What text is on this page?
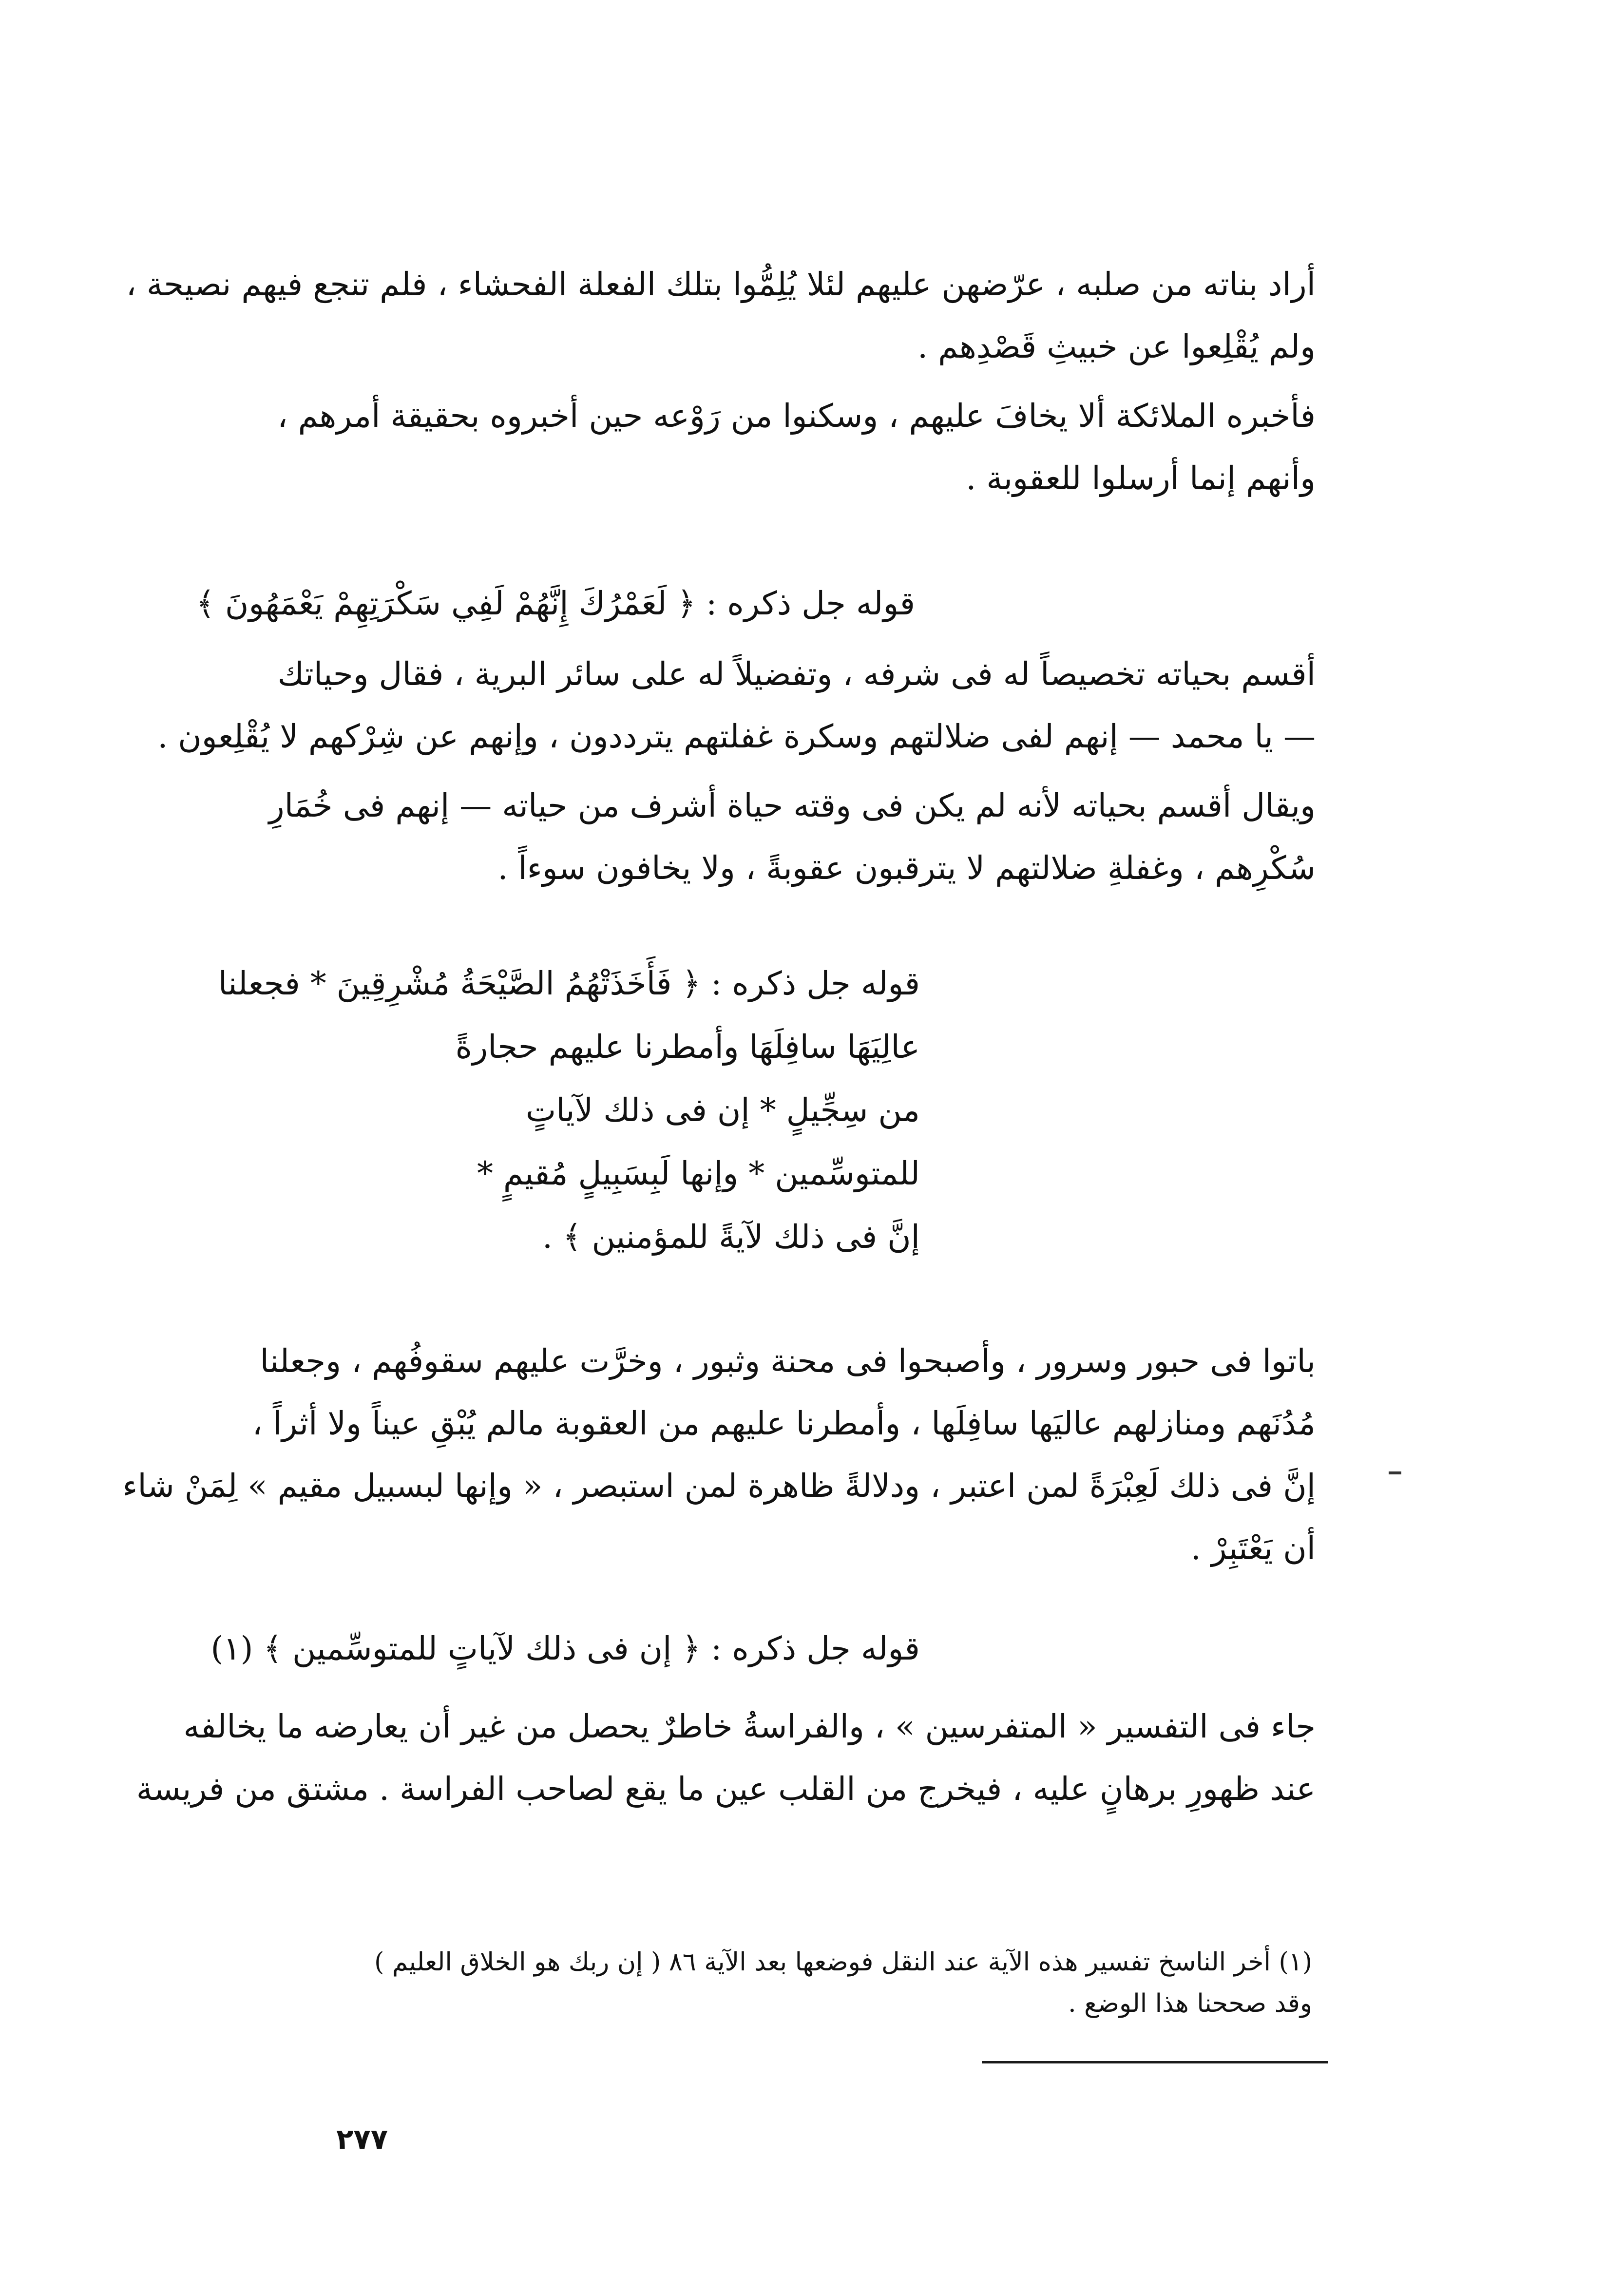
أراد بناته من صلبه ، عرّضهن عليهم لئلا يُلِمُّوا بتلك الفعلة الفحشاء ، فلم تنجع فيهم نصيحة ،
ولم يُقْلِعوا عن خبيثِ قَصْدِهم .
فأخبره الملائكة ألا يخافَ عليهم ، وسكنوا من رَوْعه حين أخبروه بحقيقة أمرهم ،
وأنهم إنما أرسلوا للعقوبة .
قوله جل ذكره : ﴿ لَعَمْرُكَ إِنَّهُمْ لَفِي سَكْرَتِهِمْ يَعْمَهُونَ ﴾
أقسم بحياته تخصيصاً له فى شرفه ، وتفضيلاً له على سائر البرية ، فقال وحياتك
— يا محمد — إنهم لفى ضلالتهم وسكرة غفلتهم يترددون ، وإنهم عن شِرْكهم لا يُقْلِعون .
ويقال أقسم بحياته لأنه لم يكن فى وقته حياة أشرف من حياته — إنهم فى خُمَارِ
سُكْرِهم ، وغفلةِ ضلالتهم لا يترقبون عقوبةً ، ولا يخافون سوءاً .
قوله جل ذكره : ﴿ فَأَخَذَتْهُمُ الصَّيْحَةُ مُشْرِقِينَ * فجعلنا
عالِيَهَا سافِلَهَا وأمطرنا عليهم حجارةً
من سِجِّيلٍ * إن فى ذلك لآياتٍ
للمتوسِّمين * وإنها لَبِسَبِيلٍ مُقيمٍ *
إنَّ فى ذلك لآيةً للمؤمنين ﴾ .
باتوا فى حبور وسرور ، وأصبحوا فى محنة وثبور ، وخرَّت عليهم سقوفُهم ، وجعلنا
مُدُنَهم ومنازلهم عاليَها سافِلَها ، وأمطرنا عليهم من العقوبة مالم يُبْقِ عيناً ولا أثراً ،
إنَّ فى ذلك لَعِبْرَةً لمن اعتبر ، ودلالةً ظاهرة لمن استبصر ، « وإنها لبسبيل مقيم » لِمَنْ شاء
أن يَعْتَبِرْ .
قوله جل ذكره : ﴿ إن فى ذلك لآياتٍ للمتوسِّمين ﴾ (١)
جاء فى التفسير « المتفرسين » ، والفراسةُ خاطرٌ يحصل من غير أن يعارضه ما يخالفه
عند ظهورِ برهانٍ عليه ، فيخرج من القلب عين ما يقع لصاحب الفراسة . مشتق من فريسة
(١) أخر الناسخ تفسير هذه الآية عند النقل فوضعها بعد الآية ٨٦ ( إن ربك هو الخلاق العليم )
وقد صححنا هذا الوضع .
٢٧٧
